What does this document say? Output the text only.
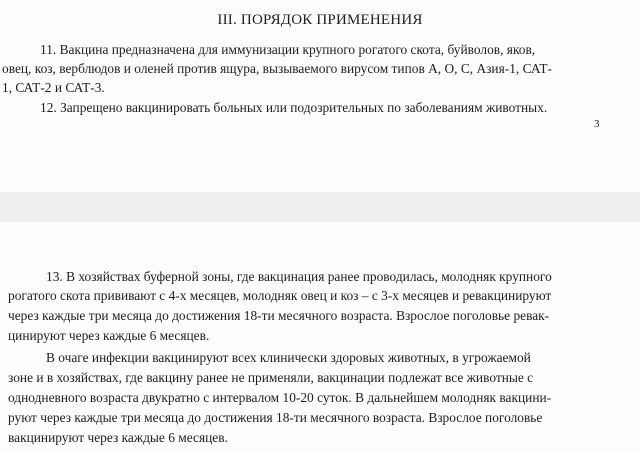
III. ПОРЯДОК ПРИМЕНЕНИЯ
11. Вакцина предназначена для иммунизации крупного рогатого скота, буйволов, яков,
овец, коз, верблюдов и оленей против ящура, вызываемого вирусом типов А, О, С, Азия-1, САТ-
1, САТ-2 и САТ-3.
12. Запрещено вакцинировать больных или подозрительных по заболеваниям животных.
3
13. В хозяйствах буферной зоны, где вакцинация ранее проводилась, молодняк крупного
рогатого скота прививают с 4-х месяцев, молодняк овец и коз – с 3-х месяцев и ревакцинируют
через каждые три месяца до достижения 18-ти месячного возраста. Взрослое поголовье ревак-
цинируют через каждые 6 месяцев.
В очаге инфекции вакцинируют всех клинически здоровых животных, в угрожаемой
зоне и в хозяйствах, где вакцину ранее не применяли, вакцинации подлежат все животные с
однодневного возраста двукратно с интервалом 10-20 суток. В дальнейшем молодняк вакцини-
руют через каждые три месяца до достижения 18-ти месячного возраста. Взрослое поголовье
вакцинируют через каждые 6 месяцев.
